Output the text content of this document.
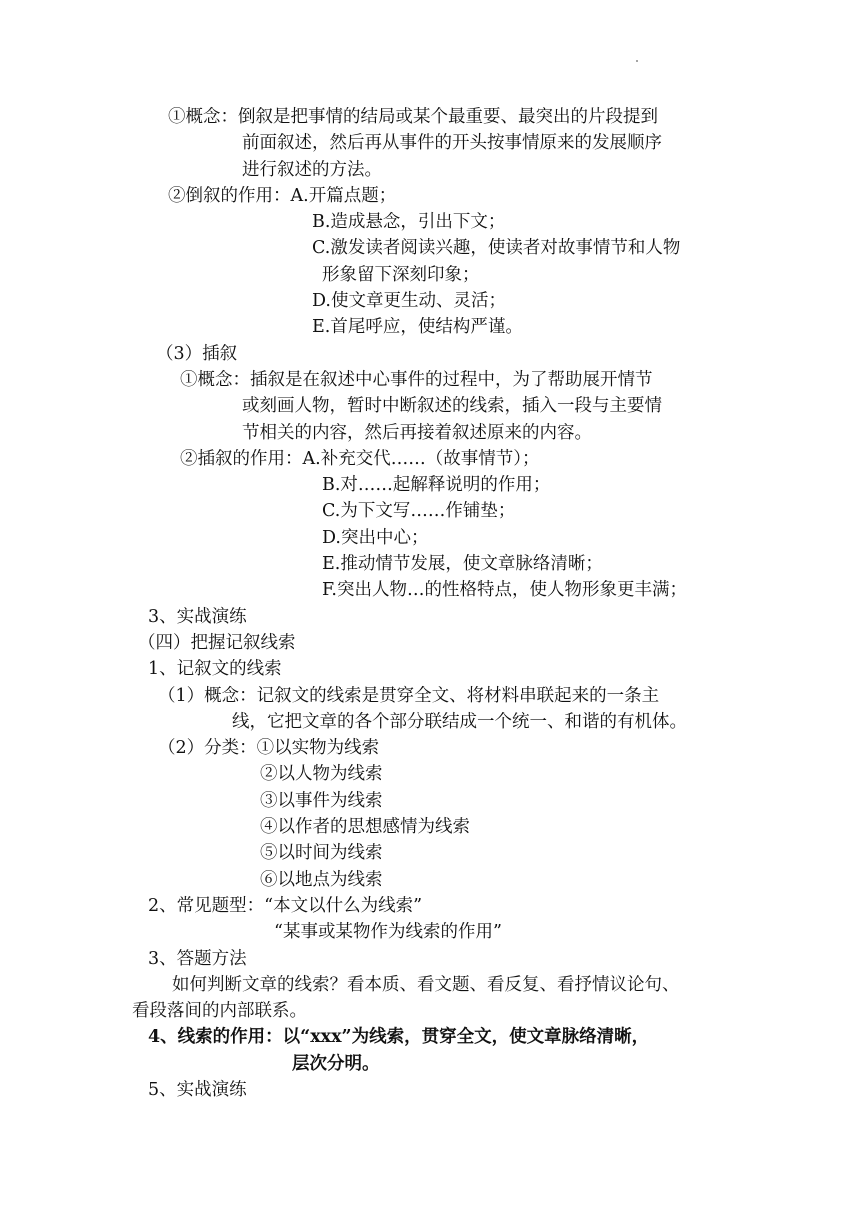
①概念：倒叙是把事情的结局或某个最重要、最突出的片段提到
前面叙述，然后再从事件的开头按事情原来的发展顺序
进行叙述的方法。
②倒叙的作用：A.开篇点题；
B.造成悬念，引出下文；
C.激发读者阅读兴趣，使读者对故事情节和人物
形象留下深刻印象；
D.使文章更生动、灵活；
E.首尾呼应，使结构严谨。
（3）插叙
①概念：插叙是在叙述中心事件的过程中，为了帮助展开情节
或刻画人物，暂时中断叙述的线索，插入一段与主要情
节相关的内容，然后再接着叙述原来的内容。
②插叙的作用：A.补充交代……（故事情节）；
B.对……起解释说明的作用；
C.为下文写……作铺垫；
D.突出中心；
E.推动情节发展，使文章脉络清晰；
F.突出人物…的性格特点，使人物形象更丰满；
3、实战演练
（四）把握记叙线索
1、记叙文的线索
（1）概念：记叙文的线索是贯穿全文、将材料串联起来的一条主
线，它把文章的各个部分联结成一个统一、和谐的有机体。
（2）分类：①以实物为线索
②以人物为线索
③以事件为线索
④以作者的思想感情为线索
⑤以时间为线索
⑥以地点为线索
2、常见题型：“本文以什么为线索”
“某事或某物作为线索的作用”
3、答题方法
如何判断文章的线索？看本质、看文题、看反复、看抒情议论句、
看段落间的内部联系。
4、线索的作用：以“xxx”为线索，贯穿全文，使文章脉络清晰，
层次分明。
5、实战演练
